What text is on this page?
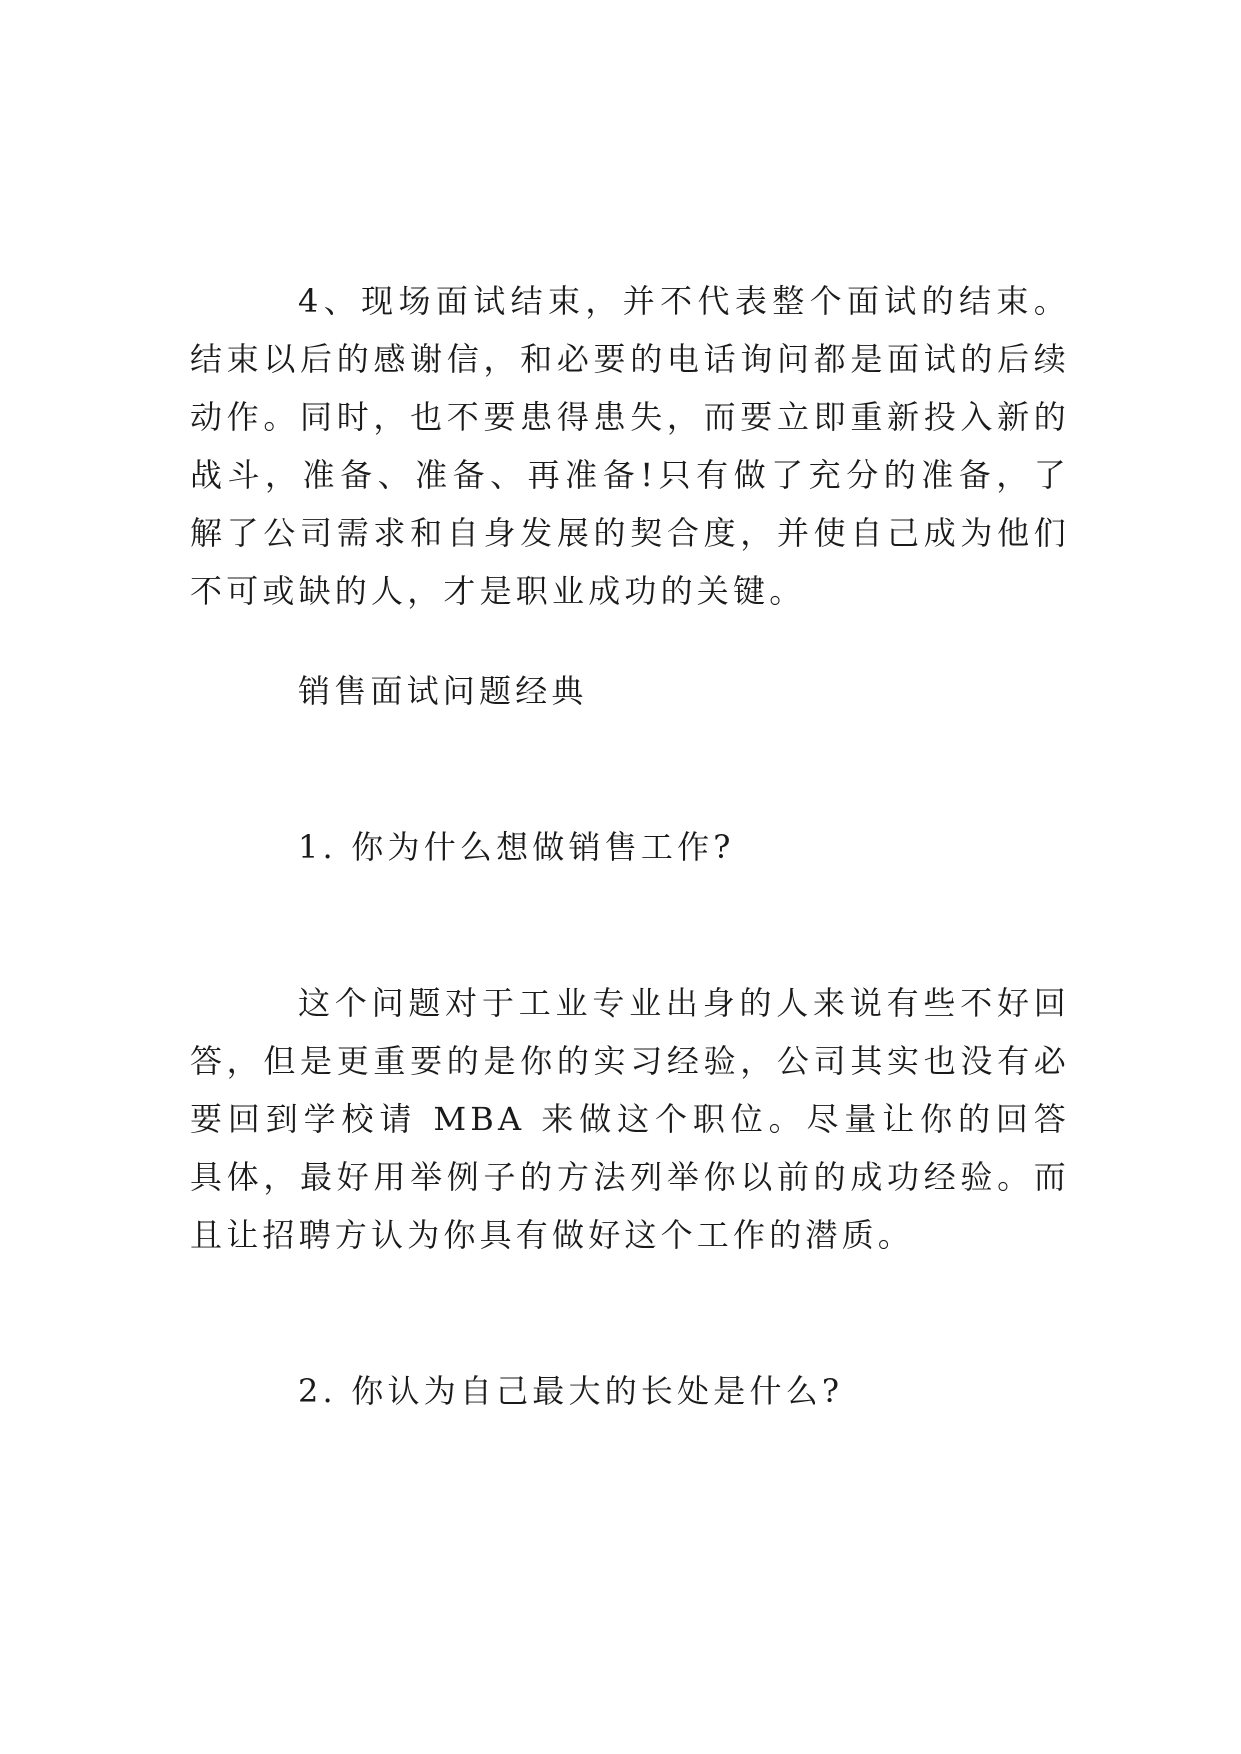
4、现场面试结束，并不代表整个面试的结束。结束以后的感谢信，和必要的电话询问都是面试的后续动作。同时，也不要患得患失，而要立即重新投入新的战斗，准备、准备、再准备!只有做了充分的准备，了解了公司需求和自身发展的契合度，并使自己成为他们不可或缺的人，才是职业成功的关键。

销售面试问题经典

1. 你为什么想做销售工作?

这个问题对于工业专业出身的人来说有些不好回答，但是更重要的是你的实习经验，公司其实也没有必要回到学校请 MBA 来做这个职位。尽量让你的回答具体，最好用举例子的方法列举你以前的成功经验。而且让招聘方认为你具有做好这个工作的潜质。

2. 你认为自己最大的长处是什么?
